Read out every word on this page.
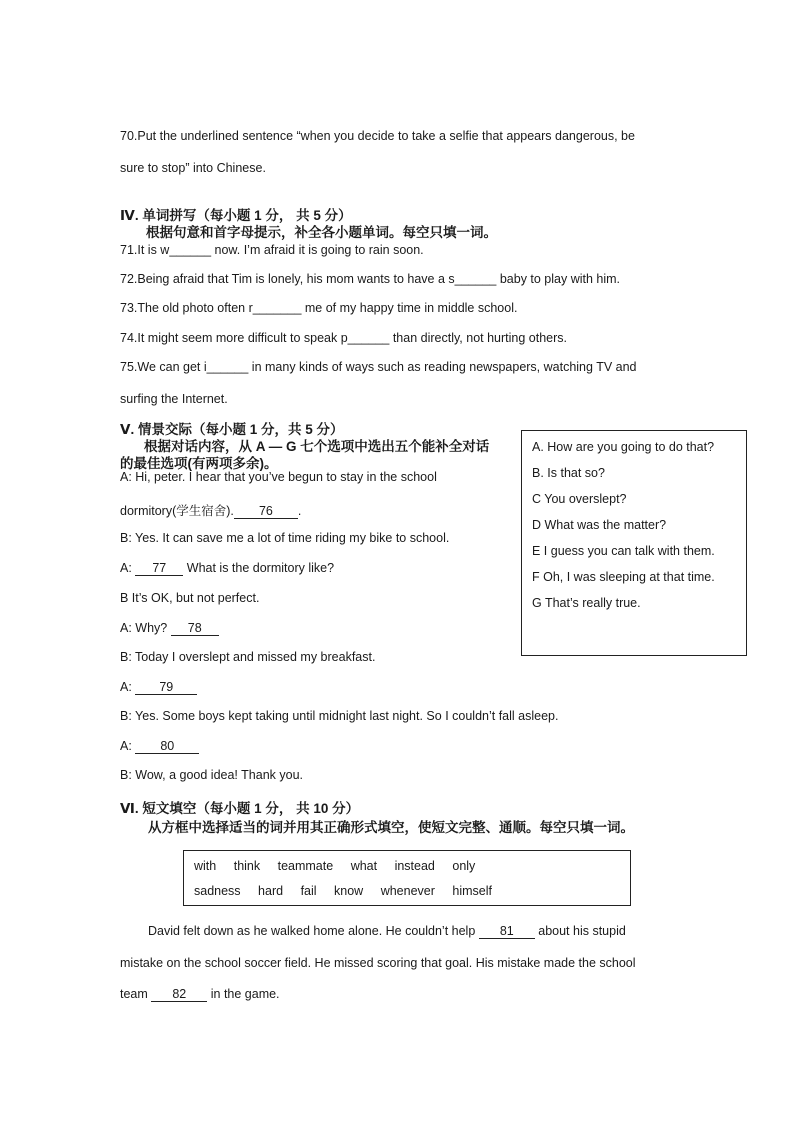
70.Put the underlined sentence “when you decide to take a selfie that appears dangerous, be
sure to stop” into Chinese.
Ⅳ. 单词拼写（每小题 1 分， 共 5 分）
根据句意和首字母提示，补全各小题单词。每空只填一词。
71.It is w______ now. I’m afraid it is going to rain soon.
72.Being afraid that Tim is lonely, his mom wants to have a s______ baby to play with him.
73.The old photo often r_______ me of my happy time in middle school.
74.It might seem more difficult to speak p______ than directly, not hurting others.
75.We can get i______ in many kinds of ways such as reading newspapers, watching TV and
surfing the Internet.
Ⅴ. 情景交际（每小题 1 分，共 5 分）
根据对话内容，从 A — G 七个选项中选出五个能补全对话
的最佳选项(有两项多余)。
A: Hi, peter. I hear that you’ve begun to stay in the school
dormitory(学生宿舍). 76 .
B: Yes. It can save me a lot of time riding my bike to school.
A: 77 What is the dormitory like?
B It’s OK, but not perfect.
A: Why? 78
B: Today I overslept and missed my breakfast.
A: 79
B: Yes. Some boys kept taking until midnight last night. So I couldn’t fall asleep.
A: 80
B: Wow, a good idea! Thank you.
A. How are you going to do that?
B. Is that so?
C You overslept?
D What was the matter?
E I guess you can talk with them.
F Oh, I was sleeping at that time.
G That’s really true.
Ⅵ. 短文填空（每小题 1 分， 共 10 分）
从方框中选择适当的词并用其正确形式填空，使短文完整、通顺。每空只填一词。
with think teammate what instead only
sadness hard fail know whenever himself
David felt down as he walked home alone. He couldn’t help 81 about his stupid
mistake on the school soccer field. He missed scoring that goal. His mistake made the school
team 82 in the game.
